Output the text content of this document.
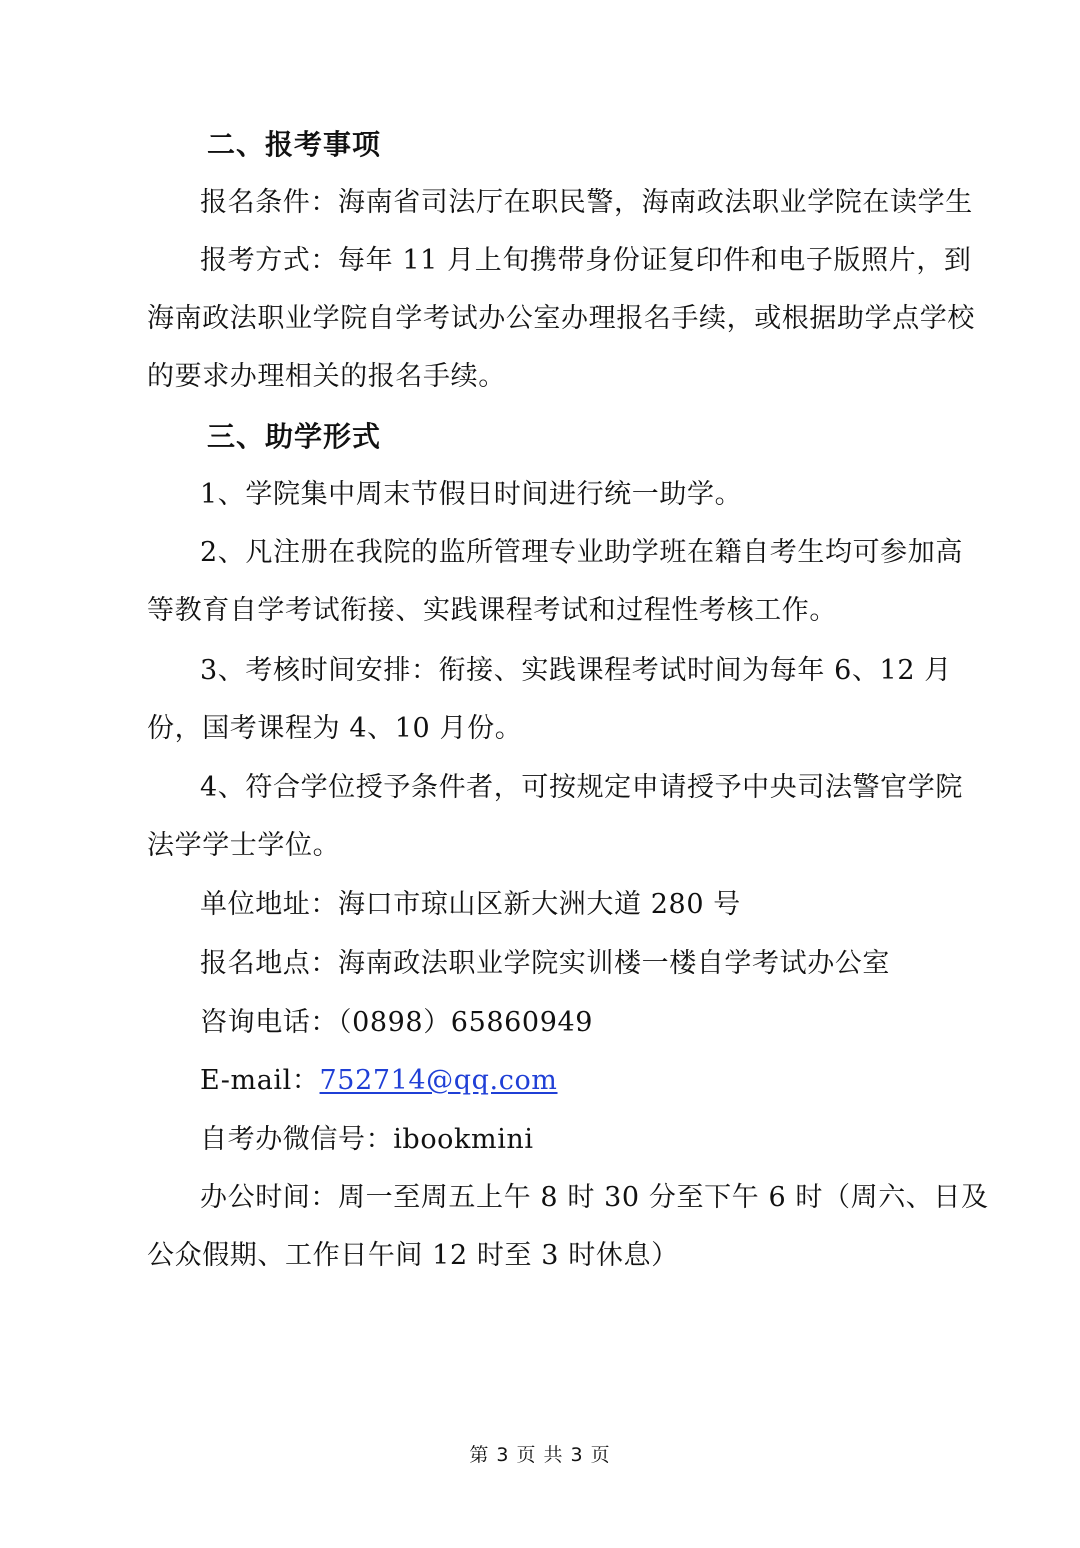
二、报考事项
报名条件：海南省司法厅在职民警，海南政法职业学院在读学生
报考方式：每年 11 月上旬携带身份证复印件和电子版照片，到
海南政法职业学院自学考试办公室办理报名手续，或根据助学点学校
的要求办理相关的报名手续。
三、助学形式
1、学院集中周末节假日时间进行统一助学。
2、凡注册在我院的监所管理专业助学班在籍自考生均可参加高
等教育自学考试衔接、实践课程考试和过程性考核工作。
3、考核时间安排：衔接、实践课程考试时间为每年 6、12 月
份，国考课程为 4、10 月份。
4、符合学位授予条件者，可按规定申请授予中央司法警官学院
法学学士学位。
单位地址：海口市琼山区新大洲大道 280 号
报名地点：海南政法职业学院实训楼一楼自学考试办公室
咨询电话：（0898）65860949
E-mail：752714@qq.com
自考办微信号：ibookmini
办公时间：周一至周五上午 8 时 30 分至下午 6 时（周六、日及
公众假期、工作日午间 12 时至 3 时休息）
第 3 页 共 3 页
